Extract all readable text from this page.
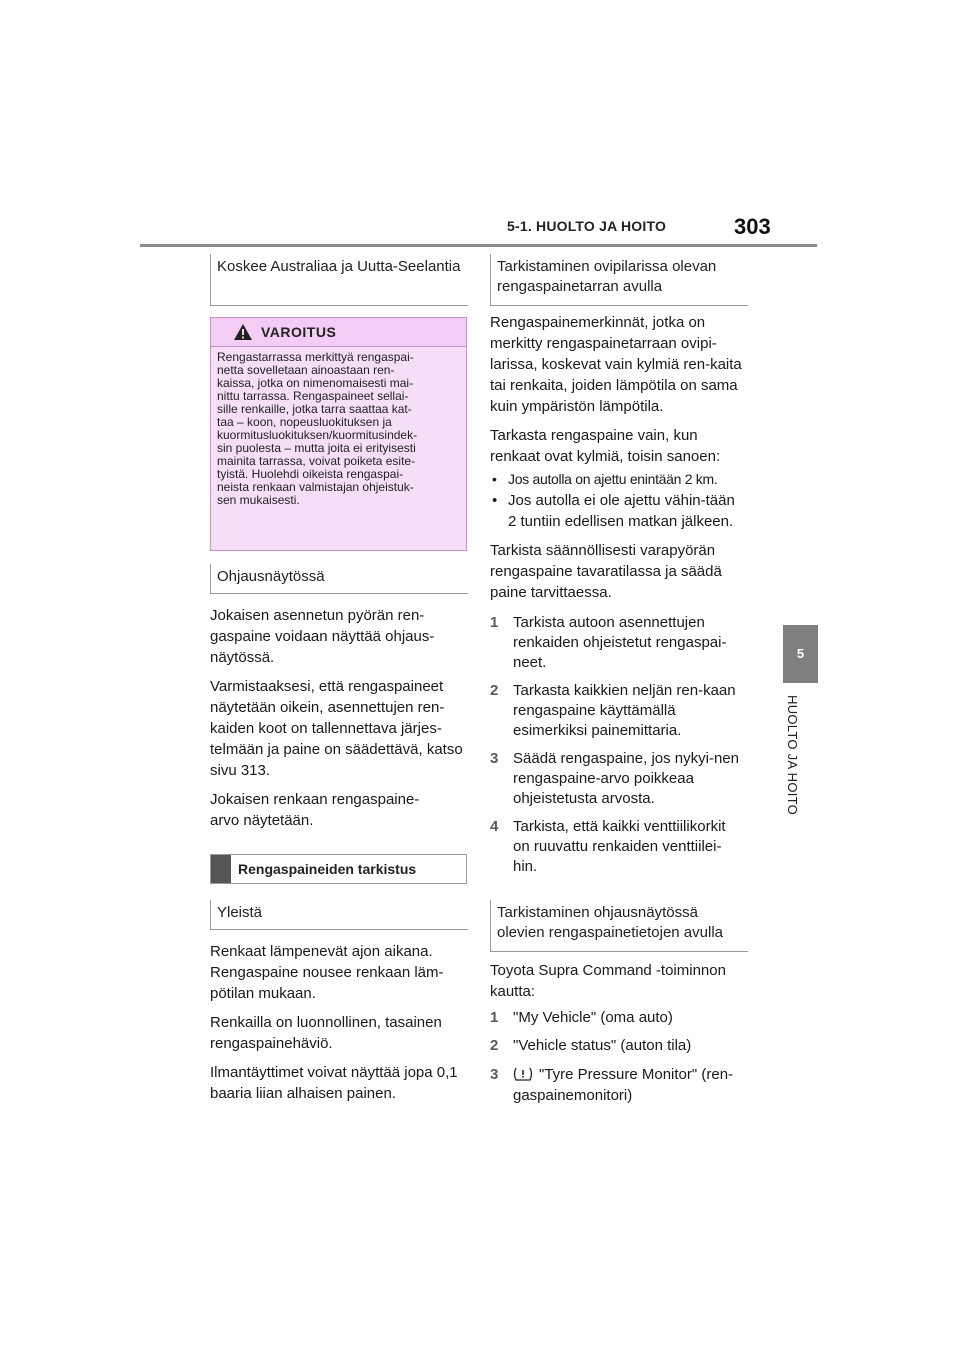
5-1. HUOLTO JA HOITO	303
5
HUOLTO JA HOITO
Koskee Australiaa ja Uutta-Seelantia
VAROITUS
Rengastarrassa merkittyä rengaspai-
netta sovelletaan ainoastaan ren-
kaissa, jotka on nimenomaisesti mai-
nittu tarrassa. Rengaspaineet sellai-
sille renkaille, jotka tarra saattaa kat-
taa – koon, nopeusluokituksen ja
kuormitusluokituksen/kuormitusindek-
sin puolesta – mutta joita ei erityisesti
mainita tarrassa, voivat poiketa esite-
tyistä. Huolehdi oikeista rengaspai-
neista renkaan valmistajan ohjeistuk-
sen mukaisesti.
Ohjausnäytössä

Jokaisen asennetun pyörän ren-gaspaine voidaan näyttää ohjaus-näytössä.

Varmistaaksesi, että rengaspaineet näytetään oikein, asennettujen ren-kaiden koot on tallennettava järjes-telmään ja paine on säädettävä, katso sivu 313.

Jokaisen renkaan rengaspaine-arvo näytetään.

Rengaspaineiden tarkistus
Yleistä

Renkaat lämpenevät ajon aikana. Rengaspaine nousee renkaan läm-pötilan mukaan.

Renkailla on luonnollinen, tasainen rengaspainehäviö.

Ilmantäyttimet voivat näyttää jopa 0,1 baaria liian alhaisen painen.

Tarkistaminen ovipilarissa olevan rengaspainetarran avulla

Rengaspainemerkinnät, jotka on merkitty rengaspainetarraan ovipi-larissa, koskevat vain kylmiä ren-kaita tai renkaita, joiden lämpötila on sama kuin ympäristön lämpötila.

Tarkasta rengaspaine vain, kun renkaat ovat kylmiä, toisin sanoen:

• Jos autolla on ajettu enintään 2 km.
• Jos autolla ei ole ajettu vähin-tään 2 tuntiin edellisen matkan jälkeen.

Tarkista säännöllisesti varapyörän rengaspaine tavaratilassa ja säädä paine tarvittaessa.

1 Tarkista autoon asennettujen renkaiden ohjeistetut rengaspai-neet.
2 Tarkasta kaikkien neljän ren-kaan rengaspaine käyttämällä esimerkiksi painemittaria.
3 Säädä rengaspaine, jos nykyi-nen rengaspaine-arvo poikkeaa ohjeistetusta arvosta.
4 Tarkista, että kaikki venttiilikorkit on ruuvattu renkaiden venttiilei-hin.
Tarkistaminen ohjausnäytössä olevien rengaspainetietojen avulla

Toyota Supra Command -toiminnon kautta:

1 "My Vehicle" (oma auto)
2 "Vehicle status" (auton tila)
3	"Tyre Pressure Monitor" (ren-gaspainemonitori)
